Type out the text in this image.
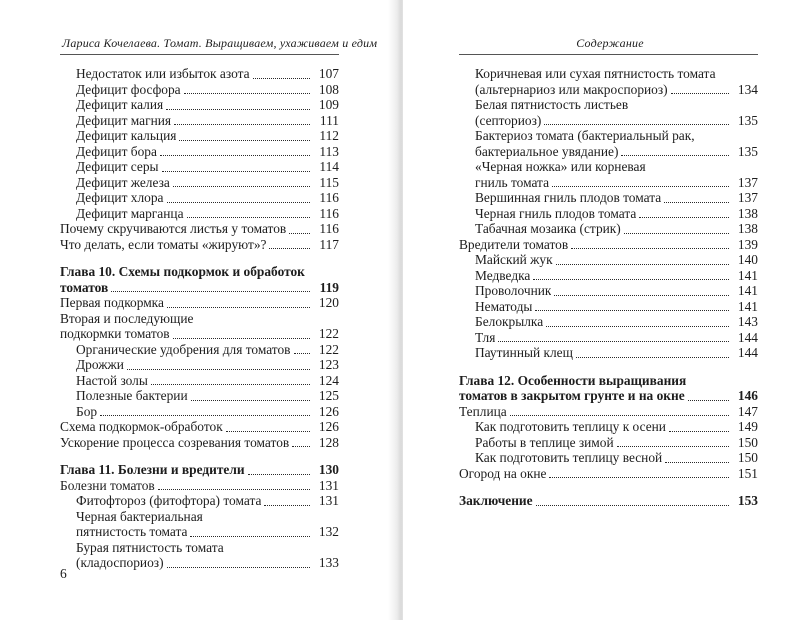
Лариса Кочелаева. Томат. Выращиваем, ухаживаем и едим
Недостаток или избыток азота	107
Дефицит фосфора	108
Дефицит калия	109
Дефицит магния	111
Дефицит кальция	112
Дефицит бора	113
Дефицит серы	114
Дефицит железа	115
Дефицит хлора	116
Дефицит марганца	116
Почему скручиваются листья у томатов	116
Что делать, если томаты «жируют»?	117
Глава 10. Схемы подкормок и обработок
томатов	119
Первая подкормка	120
Вторая и последующие
подкормки томатов	122
Органические удобрения для томатов	122
Дрожжи	123
Настой золы	124
Полезные бактерии	125
Бор	126
Схема подкормок-обработок	126
Ускорение процесса созревания томатов	128
Глава 11. Болезни и вредители	130
Болезни томатов	131
Фитофтороз (фитофтора) томата	131
Черная бактериальная
пятнистость томата	132
Бурая пятнистость томата
(кладоспориоз)	133
6
Содержание
Коричневая или сухая пятнистость томата
(альтернариоз или макроспориоз)	134
Белая пятнистость листьев
(септориоз)	135
Бактериоз томата (бактериальный рак,
бактериальное увядание)	135
«Черная ножка» или корневая
гниль томата	137
Вершинная гниль плодов томата	137
Черная гниль плодов томата	138
Табачная мозаика (стрик)	138
Вредители томатов	139
Майский жук	140
Медведка	141
Проволочник	141
Нематоды	141
Белокрылка	143
Тля	144
Паутинный клещ	144
Глава 12. Особенности выращивания
томатов в закрытом грунте и на окне	146
Теплица	147
Как подготовить теплицу к осени	149
Работы в теплице зимой	150
Как подготовить теплицу весной	150
Огород на окне	151
Заключение	153
